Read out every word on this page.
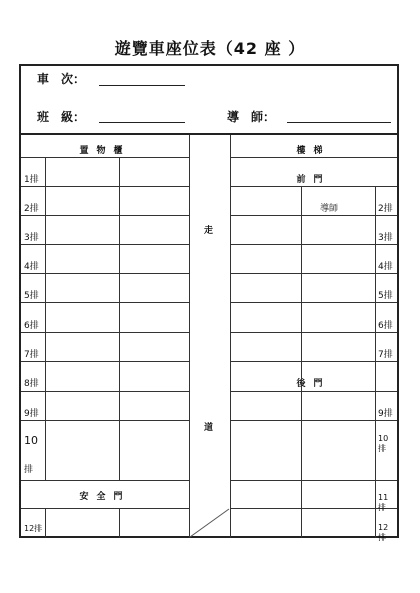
遊覽車座位表（42 座 ）
車　次：
班　級：	導　師：
走
道
置物櫃
安全門
1排
2排
3排
4排
5排
6排
7排
8排
9排
10
排
12排
樓梯
前門
後門
導師	2排
3排
4排
5排
6排
7排
9排
10 排
11 排
12 排
